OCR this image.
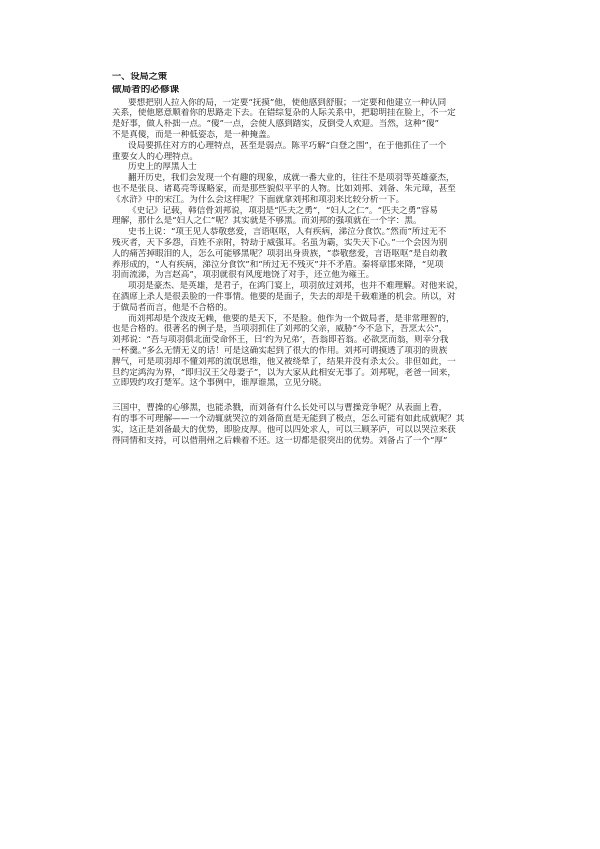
一、设局之策
做局者的必修课
要想把别人拉入你的局，一定要“抚摸”他，使他感到舒服；一定要和他建立一种认同
关系，使他愿意顺着你的思路走下去。在错综复杂的人际关系中，把聪明挂在脸上，不一定
是好事，做人朴拙一点。“傻”一点，会使人感到踏实，反倒受人欢迎。当然，这种“傻”
不是真傻，而是一种低姿态，是一种掩盖。
设局要抓住对方的心理特点，甚至是弱点。陈平巧解“白登之围”，在于他抓住了一个
重要女人的心理特点。
历史上的厚黑人士
翻开历史，我们会发现一个有趣的现象，成就一番大业的，往往不是项羽等英雄豪杰，
也不是张良、诸葛亮等谋略家，而是那些貌似平平的人物。比如刘邦、刘备、朱元璋，甚至
《水浒》中的宋江。为什么会这样呢？下面就拿刘邦和项羽来比较分析一下。
《史记》记载，韩信骨刘邦说，项羽是“匹夫之勇”，“妇人之仁”。“匹夫之勇”容易
理解，那什么是“妇人之仁”呢？其实就是不够黑。而刘邦的强项就在一个字：黑。
史书上说：“项王见人恭敬慈爱，言语呕呕，人有疾病，涕泣分食饮。”然而“所过无不
残灭者，天下多怨，百姓不亲附，特劫于威强耳。名虽为霸，实失天下心。”一个会因为别
人的痛苦掉眼泪的人，怎么可能够黑呢？项羽出身贵族，“恭敬慈爱，言语呕呕”是自幼教
养形成的，“人有疾病，涕泣分食饮”和“所过无不残灭”并不矛盾。秦将章邯来降，“见项
羽而流涕，为言赵高”，项羽就很有风度地饶了对手，还立他为雍王。
项羽是豪杰、是英雄，是君子，在鸿门宴上，项羽放过刘邦，也并不难理解。对他来说，
在酒席上杀人是很丢脸的一件事情。他要的是面子，失去的却是千载难逢的机会。所以，对
于做局者而言，他是不合格的。
而刘邦却是个泼皮无赖，他要的是天下，不是脸。他作为一个做局者，是非常理智的，
也是合格的。很著名的例子是，当项羽抓住了刘邦的父亲，威胁“今不急下，吾烹太公”，
刘邦说：“吾与项羽俱北面受命怀王，曰‘约为兄弟’，吾翁即若翁。必欲烹而翁，则幸分我
一杯羹。”多么无情无义的话！可是这确实起到了很大的作用。刘邦可谓摸透了项羽的贵族
脾气，可是项羽却不懂刘邦的流氓思维，他又被绕晕了，结果并没有杀太公。非但如此，一
旦约定鸿沟为界，“即归汉王父母妻子”，以为大家从此相安无事了。刘邦呢，老爸一回来，
立即毁约攻打楚军。这个事例中，谁厚谁黑，立见分晓。
三国中，曹操的心够黑，也能杀戮，而刘备有什么长处可以与曹操竞争呢？从表面上看，
有的事不可理解——一个动辄就哭泣的刘备简直是无能到了极点，怎么可能有如此成就呢？其
实，这正是刘备最大的优势，即脸皮厚。他可以四处求人，可以三顾茅庐，可以以哭泣来获
得同情和支持，可以借荆州之后赖着不还。这一切都是很突出的优势。刘备占了一个“厚”
